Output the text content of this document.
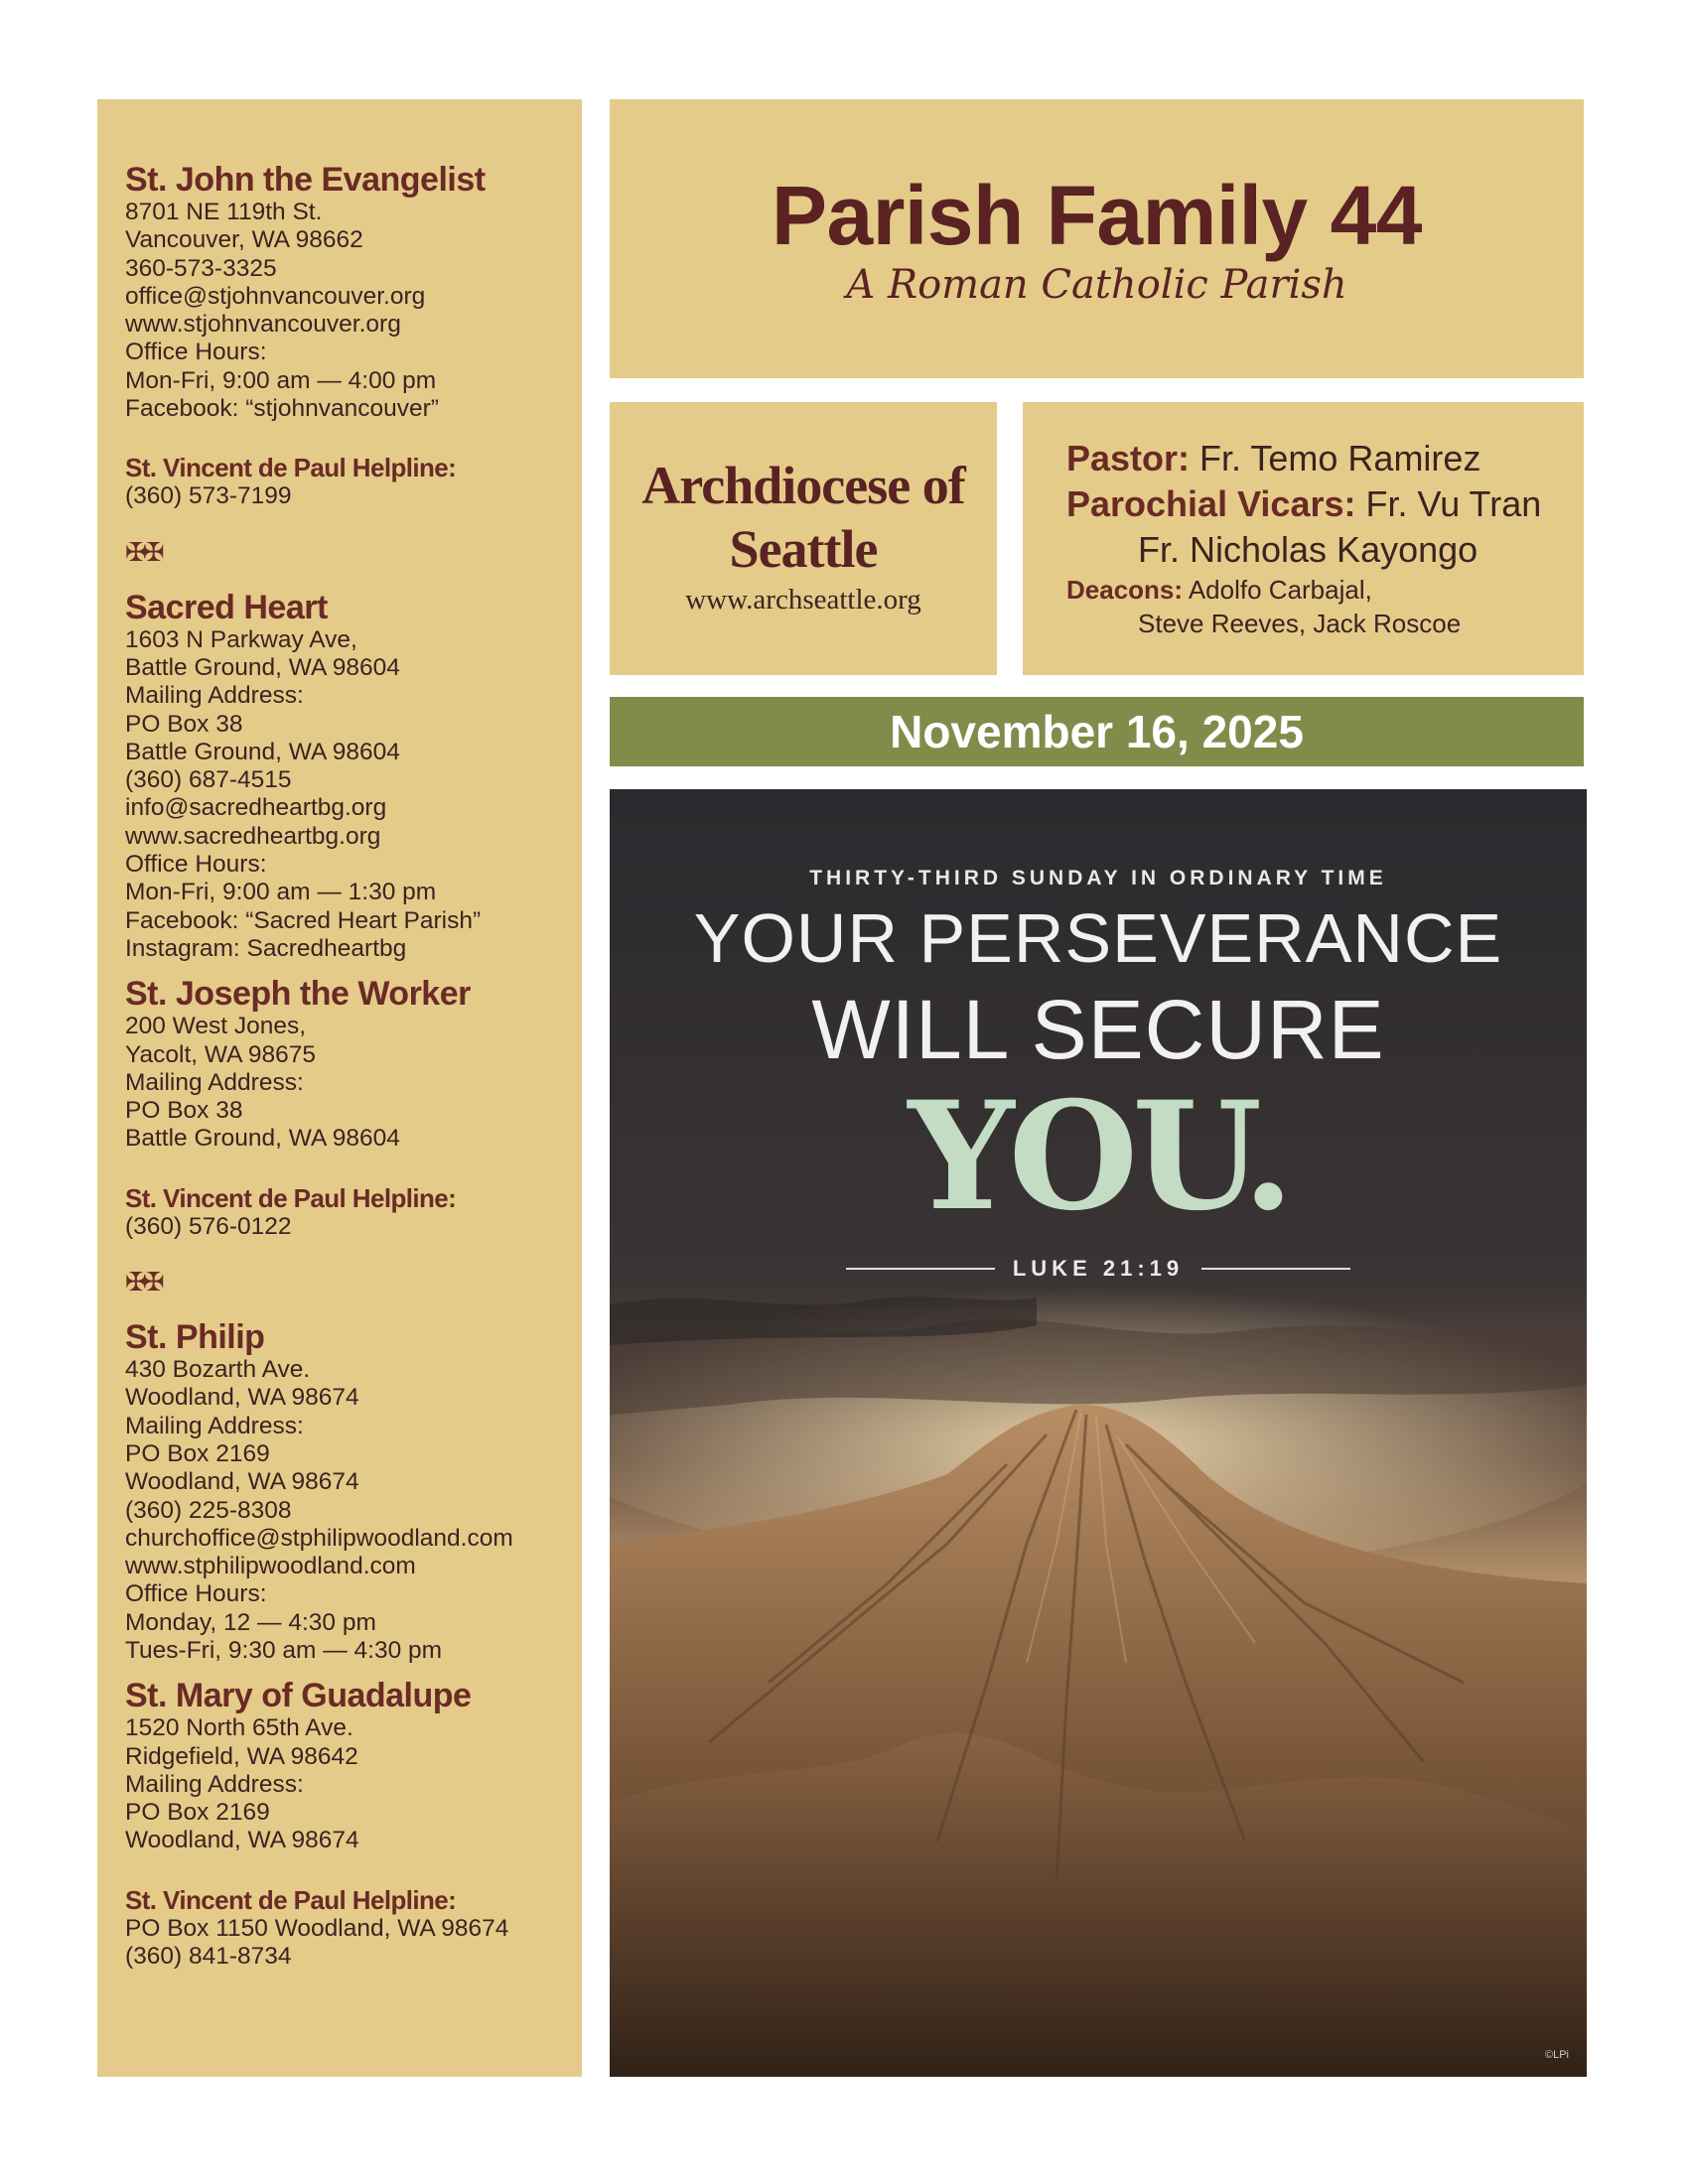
St. John the Evangelist
8701 NE 119th St.
Vancouver, WA 98662
360-573-3325
office@stjohnvancouver.org
www.stjohnvancouver.org
Office Hours:
Mon-Fri, 9:00 am — 4:00 pm
Facebook: “stjohnvancouver”
St. Vincent de Paul Helpline:
(360) 573-7199
✠✠
Sacred Heart
1603 N Parkway Ave,
Battle Ground, WA 98604
Mailing Address:
PO Box 38
Battle Ground, WA 98604
(360) 687-4515
info@sacredheartbg.org
www.sacredheartbg.org
Office Hours:
Mon-Fri, 9:00 am — 1:30 pm
Facebook: “Sacred Heart Parish”
Instagram: Sacredheartbg
St. Joseph the Worker
200 West Jones,
Yacolt, WA 98675
Mailing Address:
PO Box 38
Battle Ground, WA 98604
St. Vincent de Paul Helpline:
(360) 576-0122
✠✠
St. Philip
430 Bozarth Ave.
Woodland, WA 98674
Mailing Address:
PO Box 2169
Woodland, WA 98674
(360) 225-8308
churchoffice@stphilipwoodland.com
www.stphilipwoodland.com
Office Hours:
Monday, 12 — 4:30 pm
Tues-Fri, 9:30 am — 4:30 pm
St. Mary of Guadalupe
1520 North 65th Ave.
Ridgefield, WA 98642
Mailing Address:
PO Box 2169
Woodland, WA 98674
St. Vincent de Paul Helpline:
PO Box 1150 Woodland, WA 98674
(360) 841-8734
Parish Family 44
A Roman Catholic Parish
Archdiocese of
Seattle
www.archseattle.org
Pastor: Fr. Temo Ramirez
Parochial Vicars: Fr. Vu Tran
Fr. Nicholas Kayongo
Deacons: Adolfo Carbajal,
Steve Reeves, Jack Roscoe
November 16, 2025
THIRTY-THIRD SUNDAY IN ORDINARY TIME
YOUR PERSEVERANCE
WILL SECURE
YOU.
LUKE 21:19
©LPi
